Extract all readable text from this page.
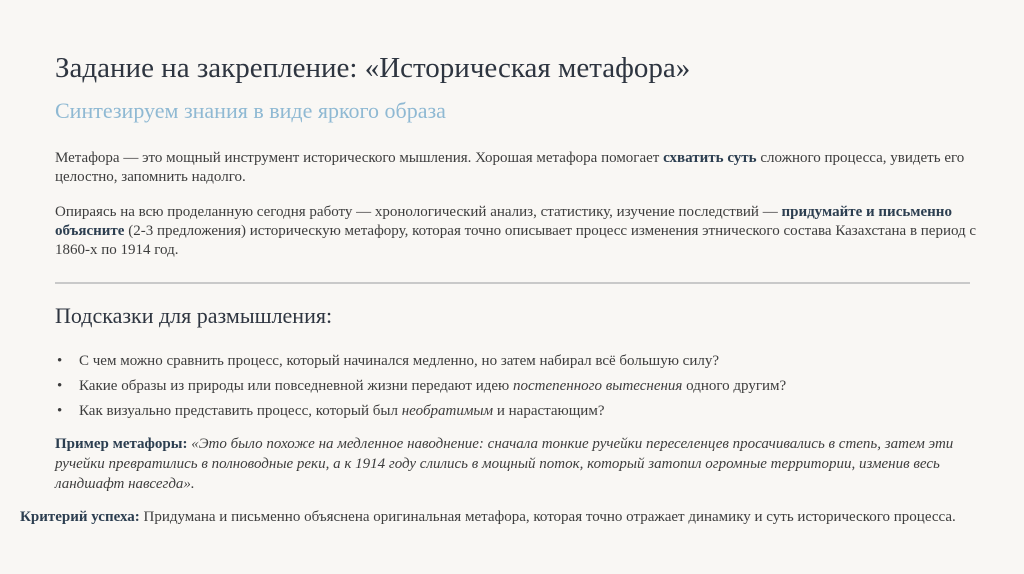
Задание на закрепление: «Историческая метафора»
Синтезируем знания в виде яркого образа
Метафора — это мощный инструмент исторического мышления. Хорошая метафора помогает схватить суть сложного процесса, увидеть его целостно, запомнить надолго.
Опираясь на всю проделанную сегодня работу — хронологический анализ, статистику, изучение последствий — придумайте и письменно объясните (2-3 предложения) историческую метафору, которая точно описывает процесс изменения этнического состава Казахстана в период с 1860-х по 1914 год.
Подсказки для размышления:
• С чем можно сравнить процесс, который начинался медленно, но затем набирал всё большую силу?
• Какие образы из природы или повседневной жизни передают идею постепенного вытеснения одного другим?
• Как визуально представить процесс, который был необратимым и нарастающим?
Пример метафоры: «Это было похоже на медленное наводнение: сначала тонкие ручейки переселенцев просачивались в степь, затем эти ручейки превратились в полноводные реки, а к 1914 году слились в мощный поток, который затопил огромные территории, изменив весь ландшафт навсегда».
Критерий успеха: Придумана и письменно объяснена оригинальная метафора, которая точно отражает динамику и суть исторического процесса.
